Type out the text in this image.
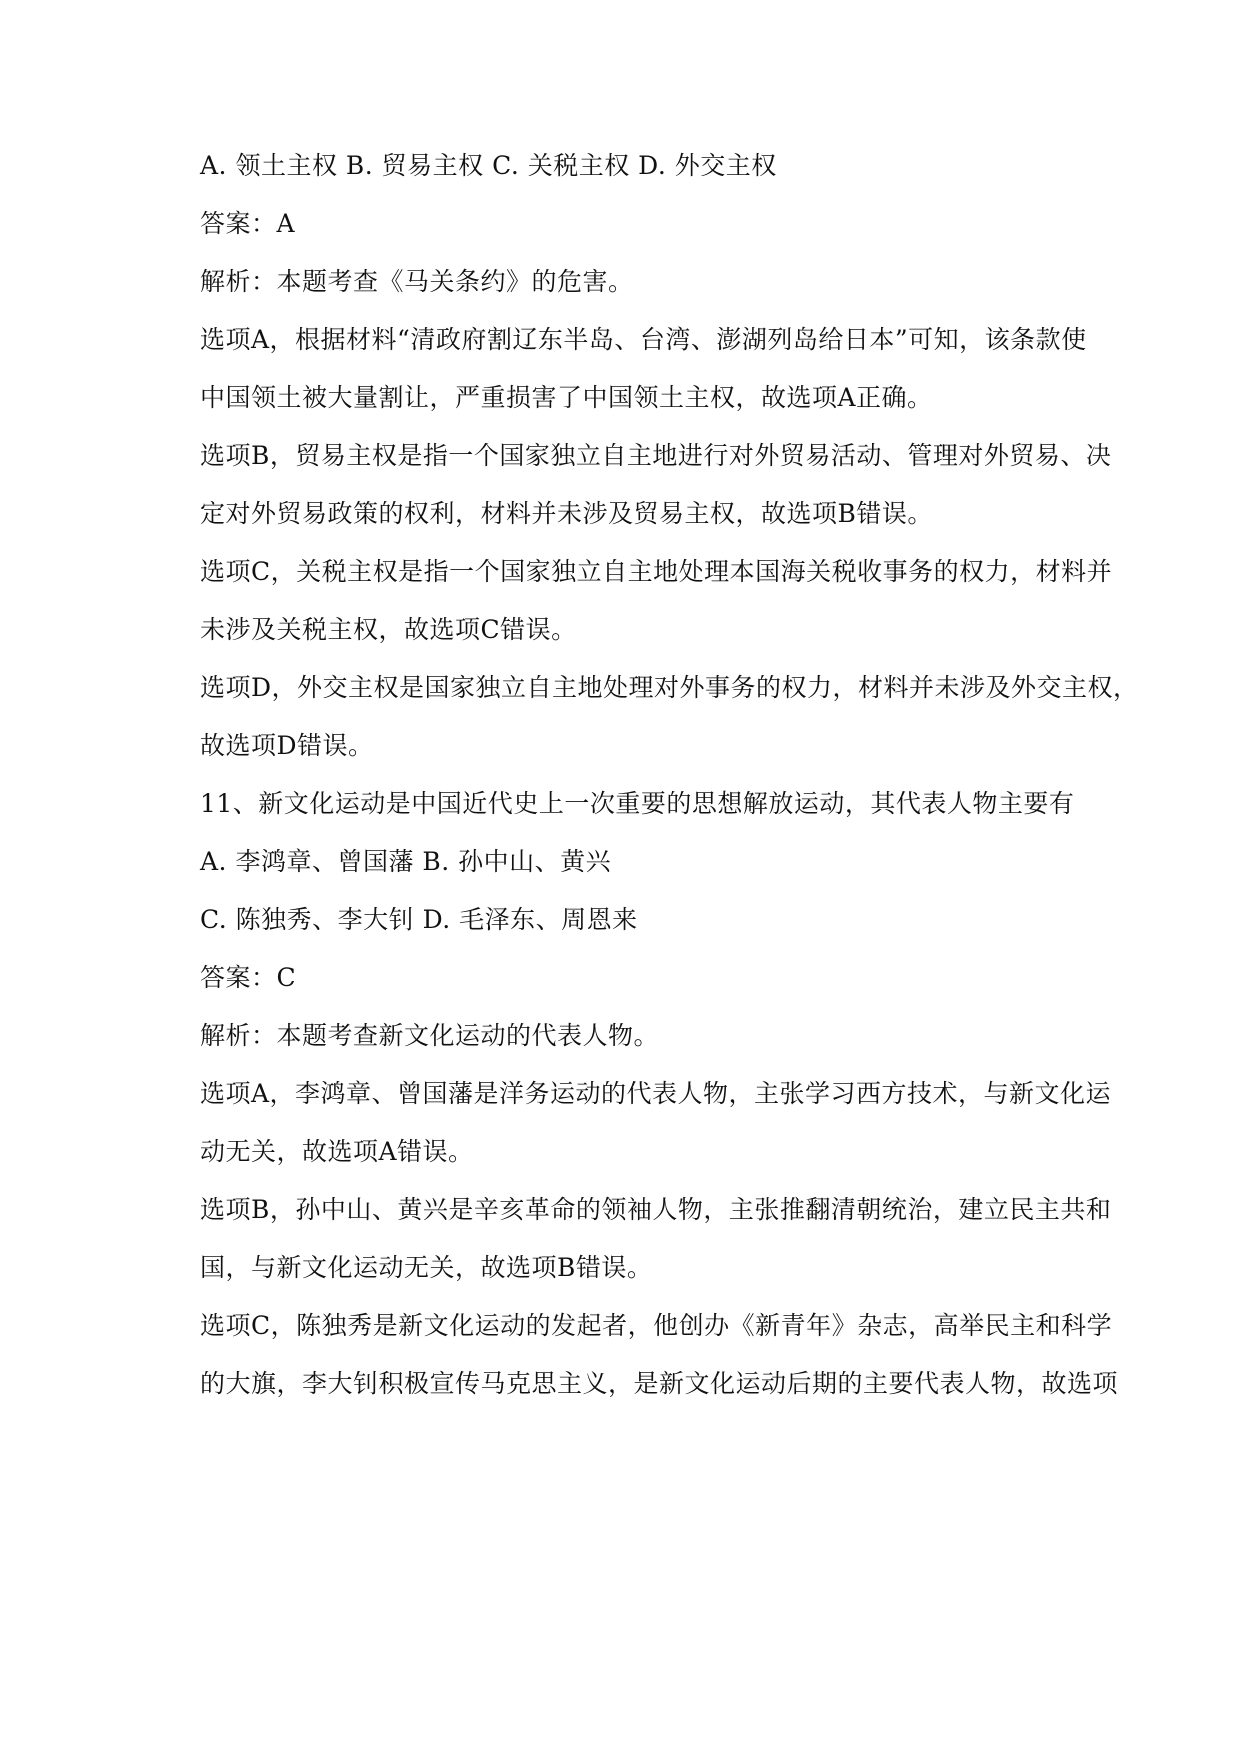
A. 领土主权 B. 贸易主权 C. 关税主权 D. 外交主权
答案：A
解析：本题考查《马关条约》的危害。
选项A，根据材料“清政府割辽东半岛、台湾、澎湖列岛给日本”可知，该条款使
中国领土被大量割让，严重损害了中国领土主权，故选项A正确。
选项B，贸易主权是指一个国家独立自主地进行对外贸易活动、管理对外贸易、决
定对外贸易政策的权利，材料并未涉及贸易主权，故选项B错误。
选项C，关税主权是指一个国家独立自主地处理本国海关税收事务的权力，材料并
未涉及关税主权，故选项C错误。
选项D，外交主权是国家独立自主地处理对外事务的权力，材料并未涉及外交主权，
故选项D错误。
11、新文化运动是中国近代史上一次重要的思想解放运动，其代表人物主要有
A. 李鸿章、曾国藩 B. 孙中山、黄兴
C. 陈独秀、李大钊 D. 毛泽东、周恩来
答案：C
解析：本题考查新文化运动的代表人物。
选项A，李鸿章、曾国藩是洋务运动的代表人物，主张学习西方技术，与新文化运
动无关，故选项A错误。
选项B，孙中山、黄兴是辛亥革命的领袖人物，主张推翻清朝统治，建立民主共和
国，与新文化运动无关，故选项B错误。
选项C，陈独秀是新文化运动的发起者，他创办《新青年》杂志，高举民主和科学
的大旗，李大钊积极宣传马克思主义，是新文化运动后期的主要代表人物，故选项
